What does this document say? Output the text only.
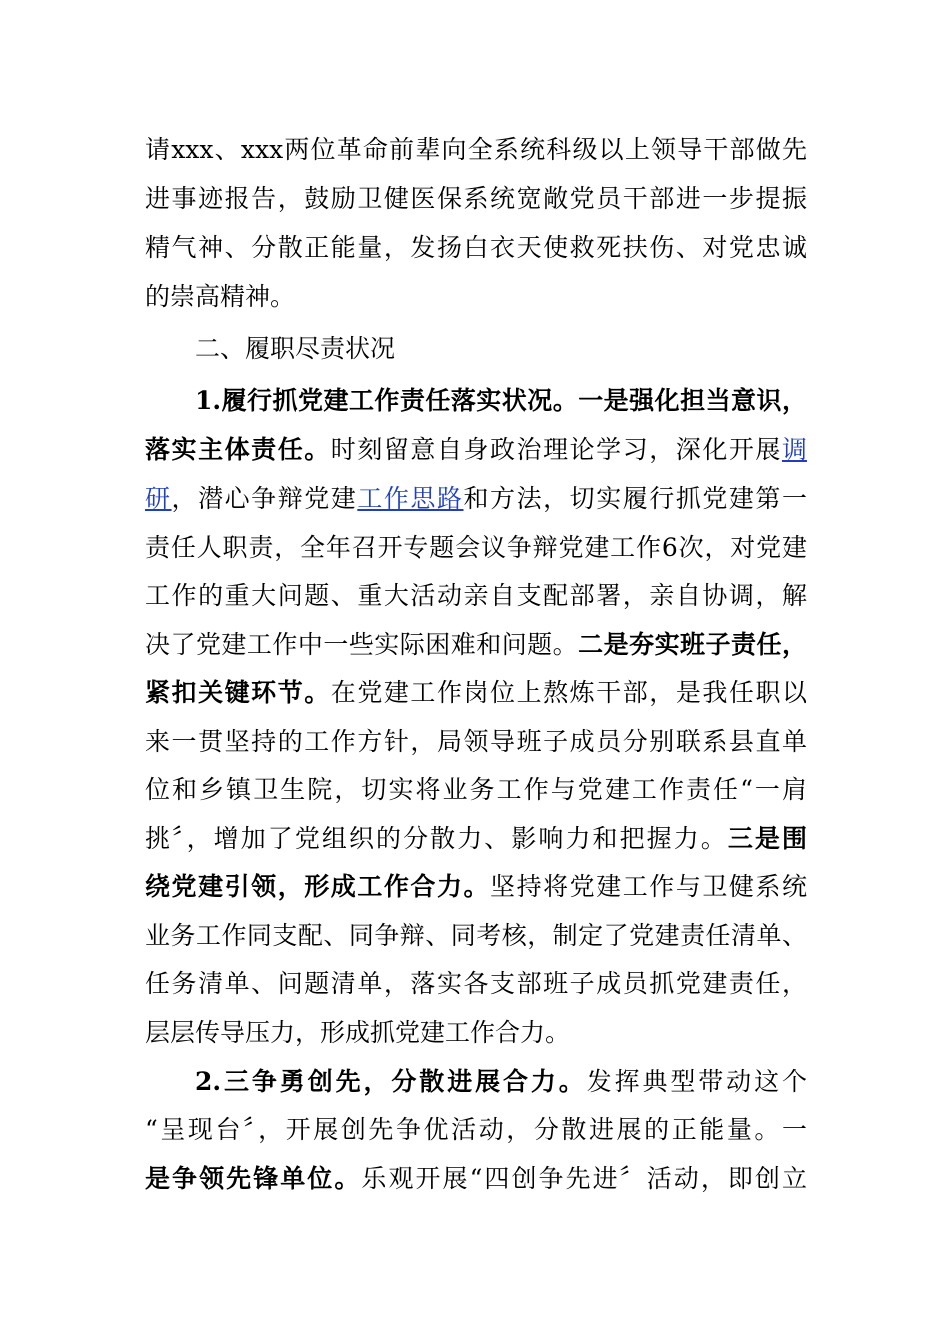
请xxx、xxx两位革命前辈向全系统科级以上领导干部做先
进事迹报告，鼓励卫健医保系统宽敞党员干部进一步提振
精气神、分散正能量，发扬白衣天使救死扶伤、对党忠诚
的崇高精神。
二、履职尽责状况
1.履行抓党建工作责任落实状况。一是强化担当意识，
落实主体责任。时刻留意自身政治理论学习，深化开展调
研，潜心争辩党建工作思路和方法，切实履行抓党建第一
责任人职责，全年召开专题会议争辩党建工作6次，对党建
工作的重大问题、重大活动亲自支配部署，亲自协调，解
决了党建工作中一些实际困难和问题。二是夯实班子责任，
紧扣关键环节。在党建工作岗位上熬炼干部，是我任职以
来一贯坚持的工作方针，局领导班子成员分别联系县直单
位和乡镇卫生院，切实将业务工作与党建工作责任“一肩
挑〞，增加了党组织的分散力、影响力和把握力。三是围
绕党建引领，形成工作合力。坚持将党建工作与卫健系统
业务工作同支配、同争辩、同考核，制定了党建责任清单、
任务清单、问题清单，落实各支部班子成员抓党建责任，
层层传导压力，形成抓党建工作合力。
2.三争勇创先，分散进展合力。发挥典型带动这个
“呈现台〞，开展创先争优活动，分散进展的正能量。一
是争领先锋单位。乐观开展“四创争先进〞活动，即创立
